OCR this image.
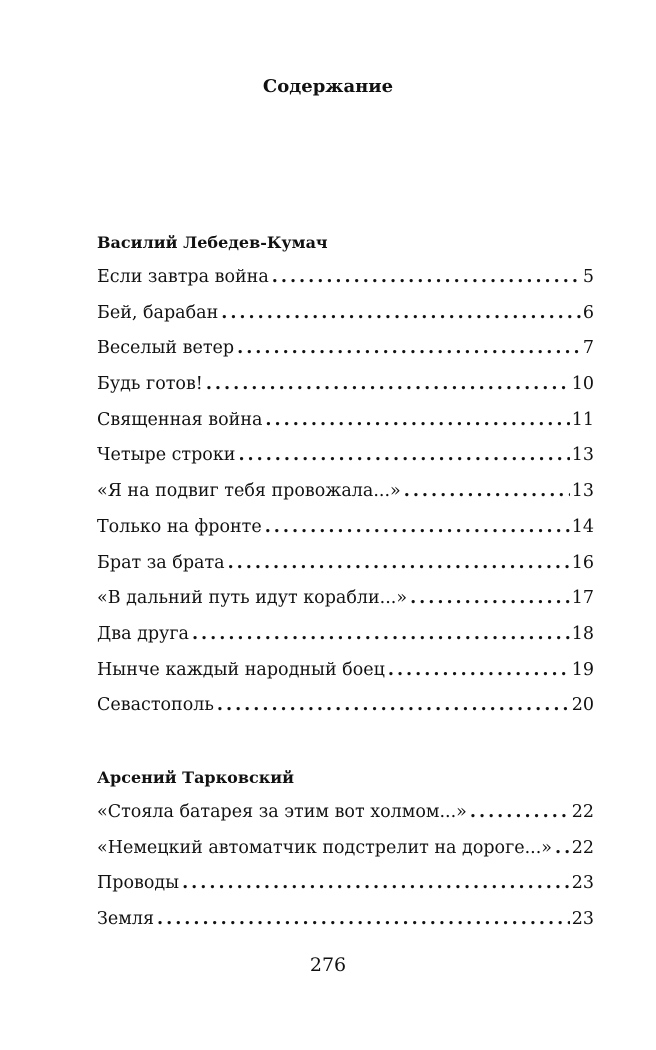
Содержание
Василий Лебедев-Кумач
Если завтра война .....	5
Бей, барабан .....	6
Веселый ветер .....	7
Будь готов! .....	10
Священная война .....	11
Четыре строки .....	13
«Я на подвиг тебя провожала...» .....	13
Только на фронте .....	14
Брат за брата .....	16
«В дальний путь идут корабли...» .....	17
Два друга .....	18
Нынче каждый народный боец .....	19
Севастополь .....	20
Арсений Тарковский
«Стояла батарея за этим вот холмом...» .....	22
«Немецкий автоматчик подстрелит на дороге...» ..... 22
Проводы .....	23
Земля .....	23
276
